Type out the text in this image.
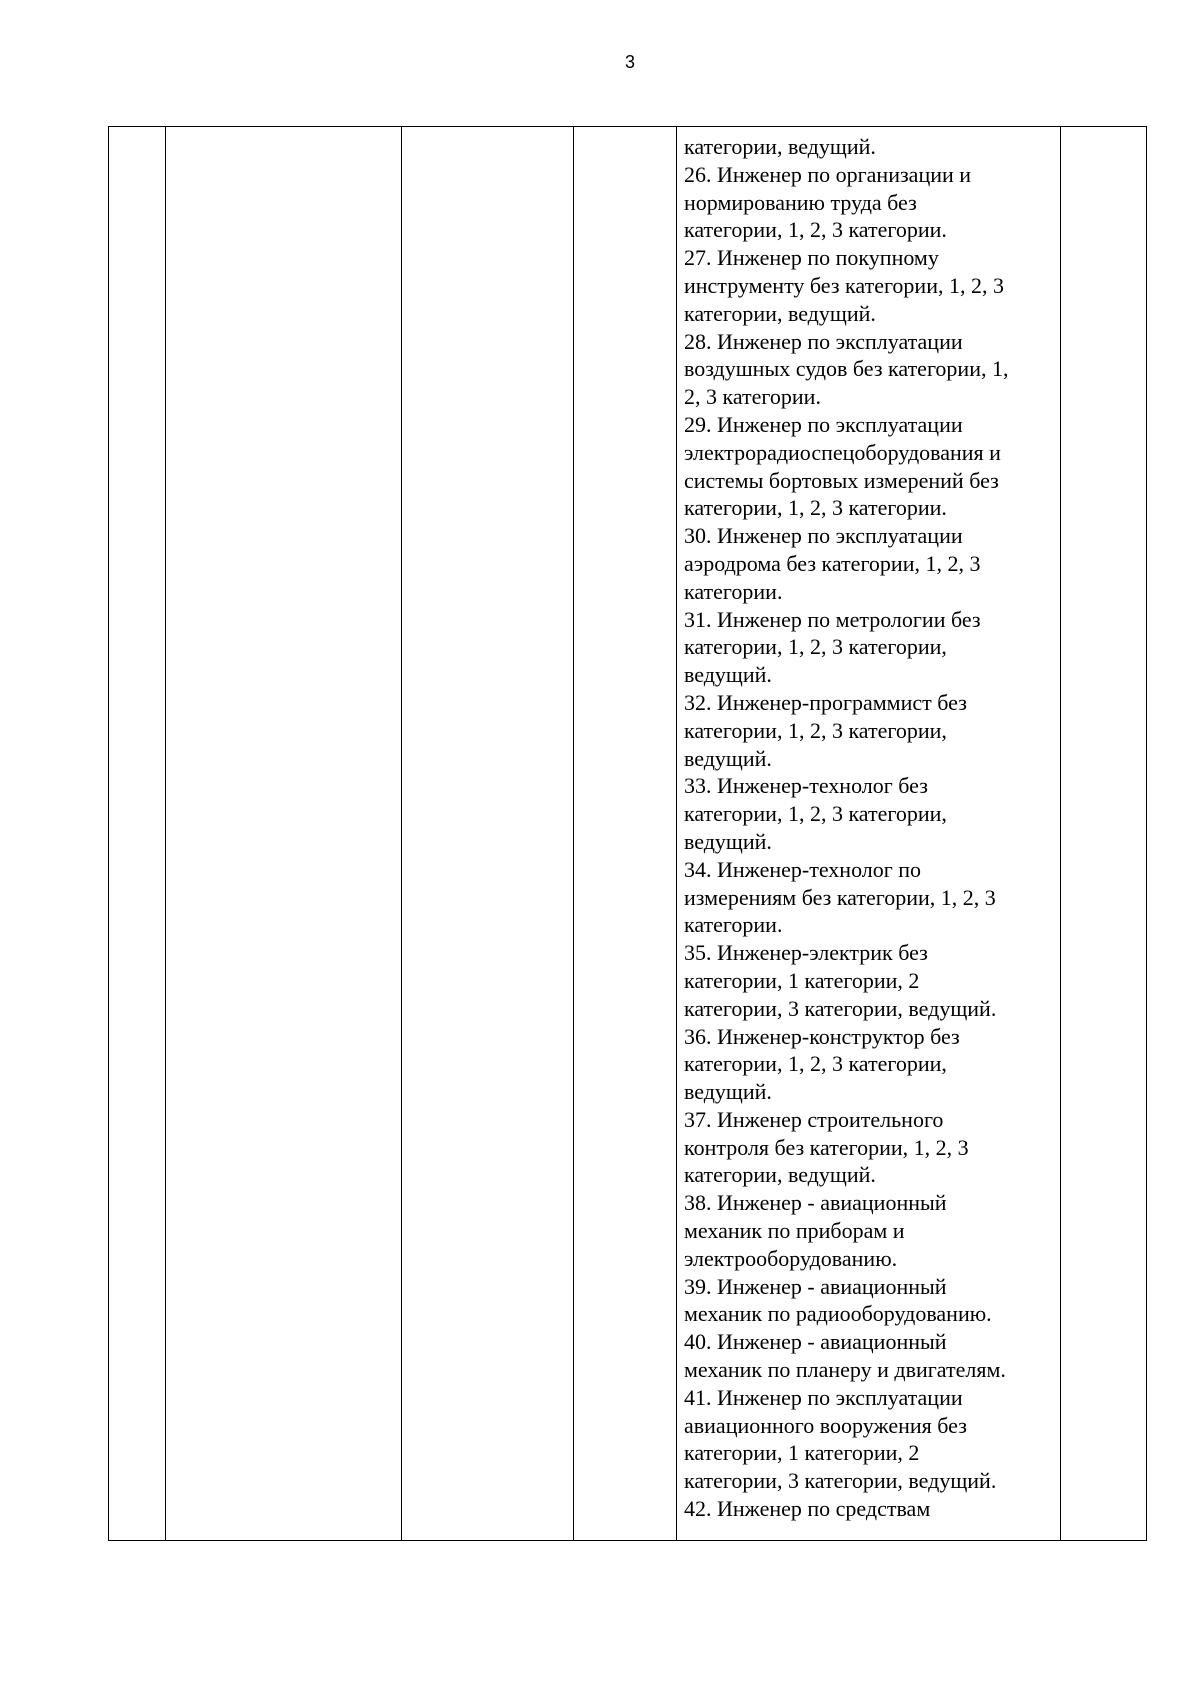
3

категории, ведущий.
26. Инженер по организации и
нормированию труда без
категории, 1, 2, 3 категории.
27. Инженер по покупному
инструменту без категории, 1, 2, 3
категории, ведущий.
28. Инженер по эксплуатации
воздушных судов без категории, 1,
2, 3 категории.
29. Инженер по эксплуатации
электрорадиоспецоборудования и
системы бортовых измерений без
категории, 1, 2, 3 категории.
30. Инженер по эксплуатации
аэродрома без категории, 1, 2, 3
категории.
31. Инженер по метрологии без
категории, 1, 2, 3 категории,
ведущий.
32. Инженер-программист без
категории, 1, 2, 3 категории,
ведущий.
33. Инженер-технолог без
категории, 1, 2, 3 категории,
ведущий.
34. Инженер-технолог по
измерениям без категории, 1, 2, 3
категории.
35. Инженер-электрик без
категории, 1 категории, 2
категории, 3 категории, ведущий.
36. Инженер-конструктор без
категории, 1, 2, 3 категории,
ведущий.
37. Инженер строительного
контроля без категории, 1, 2, 3
категории, ведущий.
38. Инженер - авиационный
механик по приборам и
электрооборудованию.
39. Инженер - авиационный
механик по радиооборудованию.
40. Инженер - авиационный
механик по планеру и двигателям.
41. Инженер по эксплуатации
авиационного вооружения без
категории, 1 категории, 2
категории, 3 категории, ведущий.
42. Инженер по средствам
